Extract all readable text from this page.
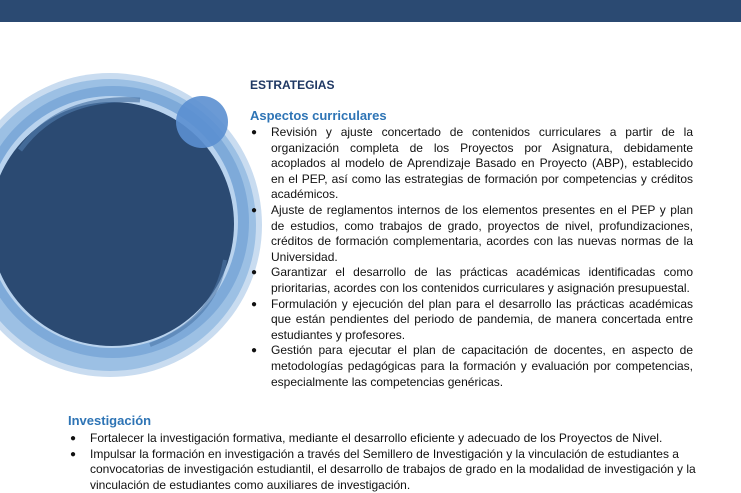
ESTRATEGIAS
Aspectos curriculares
● Revisión y ajuste concertado de contenidos curriculares a partir de la organización completa de los Proyectos por Asignatura, debidamente acoplados al modelo de Aprendizaje Basado en Proyecto (ABP), establecido en el PEP, así como las estrategias de formación por competencias y créditos académicos.
● Ajuste de reglamentos internos de los elementos presentes en el PEP y plan de estudios, como trabajos de grado, proyectos de nivel, profundizaciones, créditos de formación complementaria, acordes con las nuevas normas de la Universidad.
● Garantizar el desarrollo de las prácticas académicas identificadas como prioritarias, acordes con los contenidos curriculares y asignación presupuestal.
● Formulación y ejecución del plan para el desarrollo las prácticas académicas que están pendientes del periodo de pandemia, de manera concertada entre estudiantes y profesores.
● Gestión para ejecutar el plan de capacitación de docentes, en aspecto de metodologías pedagógicas para la formación y evaluación por competencias, especialmente las competencias genéricas.
Investigación
● Fortalecer la investigación formativa, mediante el desarrollo eficiente y adecuado de los Proyectos de Nivel.
● Impulsar la formación en investigación a través del Semillero de Investigación y la vinculación de estudiantes a convocatorias de investigación estudiantil, el desarrollo de trabajos de grado en la modalidad de investigación y la vinculación de estudiantes como auxiliares de investigación.
